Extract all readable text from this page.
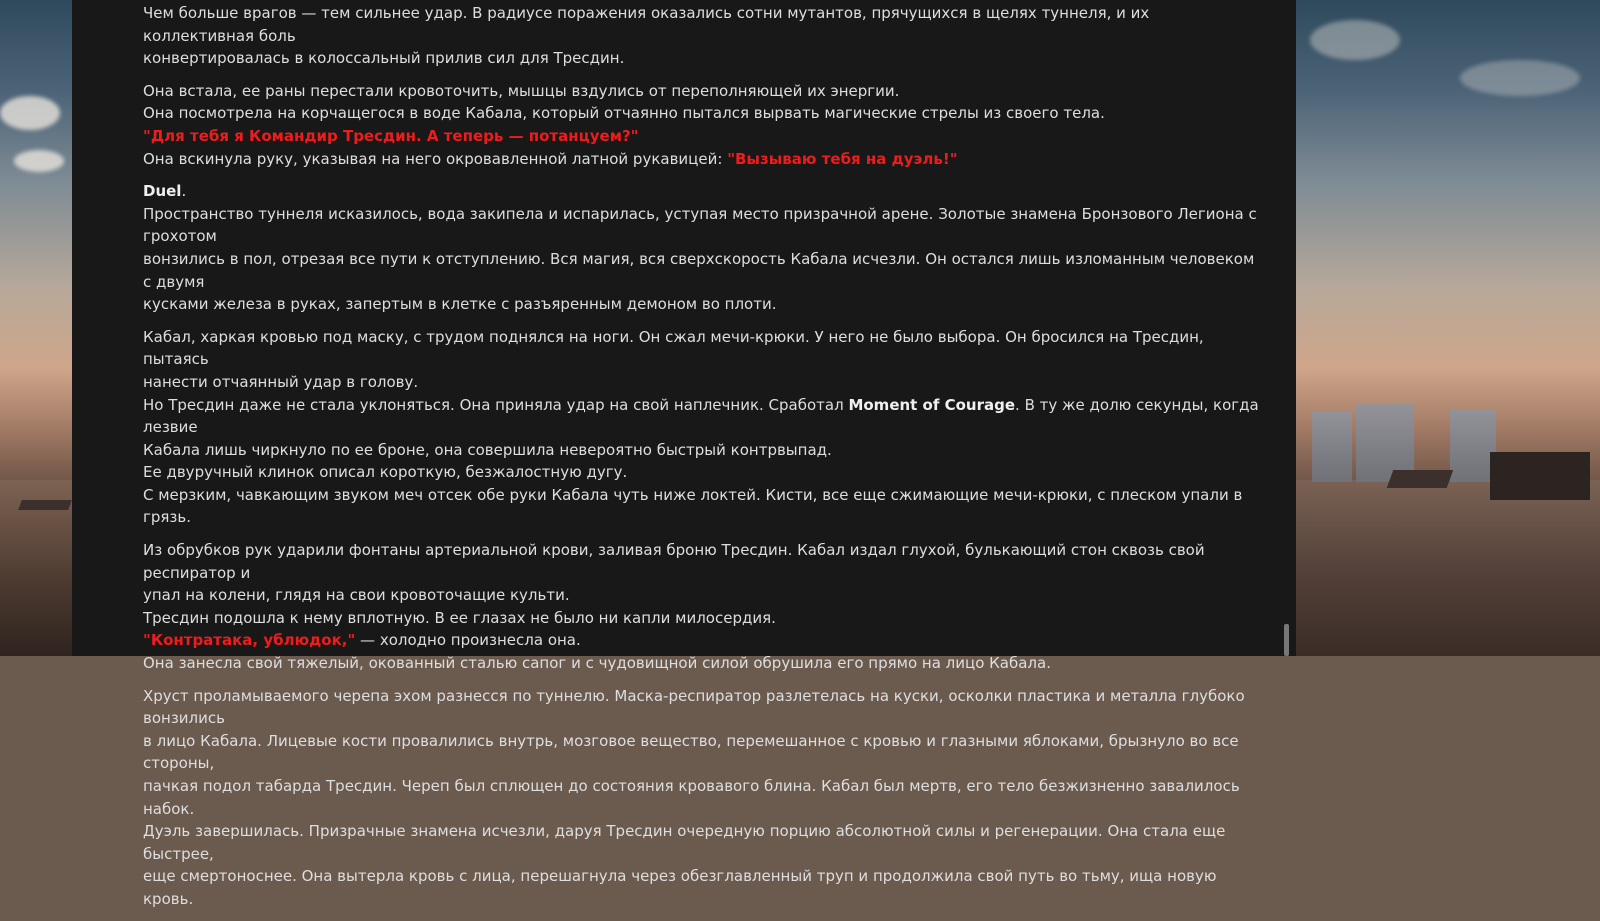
Чем больше врагов — тем сильнее удар. В радиусе поражения оказались сотни мутантов, прячущихся в щелях туннеля, и их коллективная боль
конвертировалась в колоссальный прилив сил для Тресдин.

Она встала, ее раны перестали кровоточить, мышцы вздулись от переполняющей их энергии.
Она посмотрела на корчащегося в воде Кабала, который отчаянно пытался вырвать магические стрелы из своего тела.
"Для тебя я Командир Тресдин. А теперь — потанцуем?"
Она вскинула руку, указывая на него окровавленной латной рукавицей: "Вызываю тебя на дуэль!"

Duel.
Пространство туннеля исказилось, вода закипела и испарилась, уступая место призрачной арене. Золотые знамена Бронзового Легиона с грохотом
вонзились в пол, отрезая все пути к отступлению. Вся магия, вся сверхскорость Кабала исчезли. Он остался лишь изломанным человеком с двумя
кусками железа в руках, запертым в клетке с разъяренным демоном во плоти.

Кабал, харкая кровью под маску, с трудом поднялся на ноги. Он сжал мечи-крюки. У него не было выбора. Он бросился на Тресдин, пытаясь
нанести отчаянный удар в голову.
Но Тресдин даже не стала уклоняться. Она приняла удар на свой наплечник. Сработал Moment of Courage. В ту же долю секунды, когда лезвие
Кабала лишь чиркнуло по ее броне, она совершила невероятно быстрый контрвыпад.
Ее двуручный клинок описал короткую, безжалостную дугу.
С мерзким, чавкающим звуком меч отсек обе руки Кабала чуть ниже локтей. Кисти, все еще сжимающие мечи-крюки, с плеском упали в грязь.

Из обрубков рук ударили фонтаны артериальной крови, заливая броню Тресдин. Кабал издал глухой, булькающий стон сквозь свой респиратор и
упал на колени, глядя на свои кровоточащие культи.
Тресдин подошла к нему вплотную. В ее глазах не было ни капли милосердия.
"Контратака, ублюдок," — холодно произнесла она.
Она занесла свой тяжелый, окованный сталью сапог и с чудовищной силой обрушила его прямо на лицо Кабала.

Хруст проламываемого черепа эхом разнесся по туннелю. Маска-респиратор разлетелась на куски, осколки пластика и металла глубоко вонзились
в лицо Кабала. Лицевые кости провалились внутрь, мозговое вещество, перемешанное с кровью и глазными яблоками, брызнуло во все стороны,
пачкая подол табарда Тресдин. Череп был сплющен до состояния кровавого блина. Кабал был мертв, его тело безжизненно завалилось набок.
Дуэль завершилась. Призрачные знамена исчезли, даруя Тресдин очередную порцию абсолютной силы и регенерации. Она стала еще быстрее,
еще смертоноснее. Она вытерла кровь с лица, перешагнула через обезглавленный труп и продолжила свой путь во тьму, ища новую кровь.
